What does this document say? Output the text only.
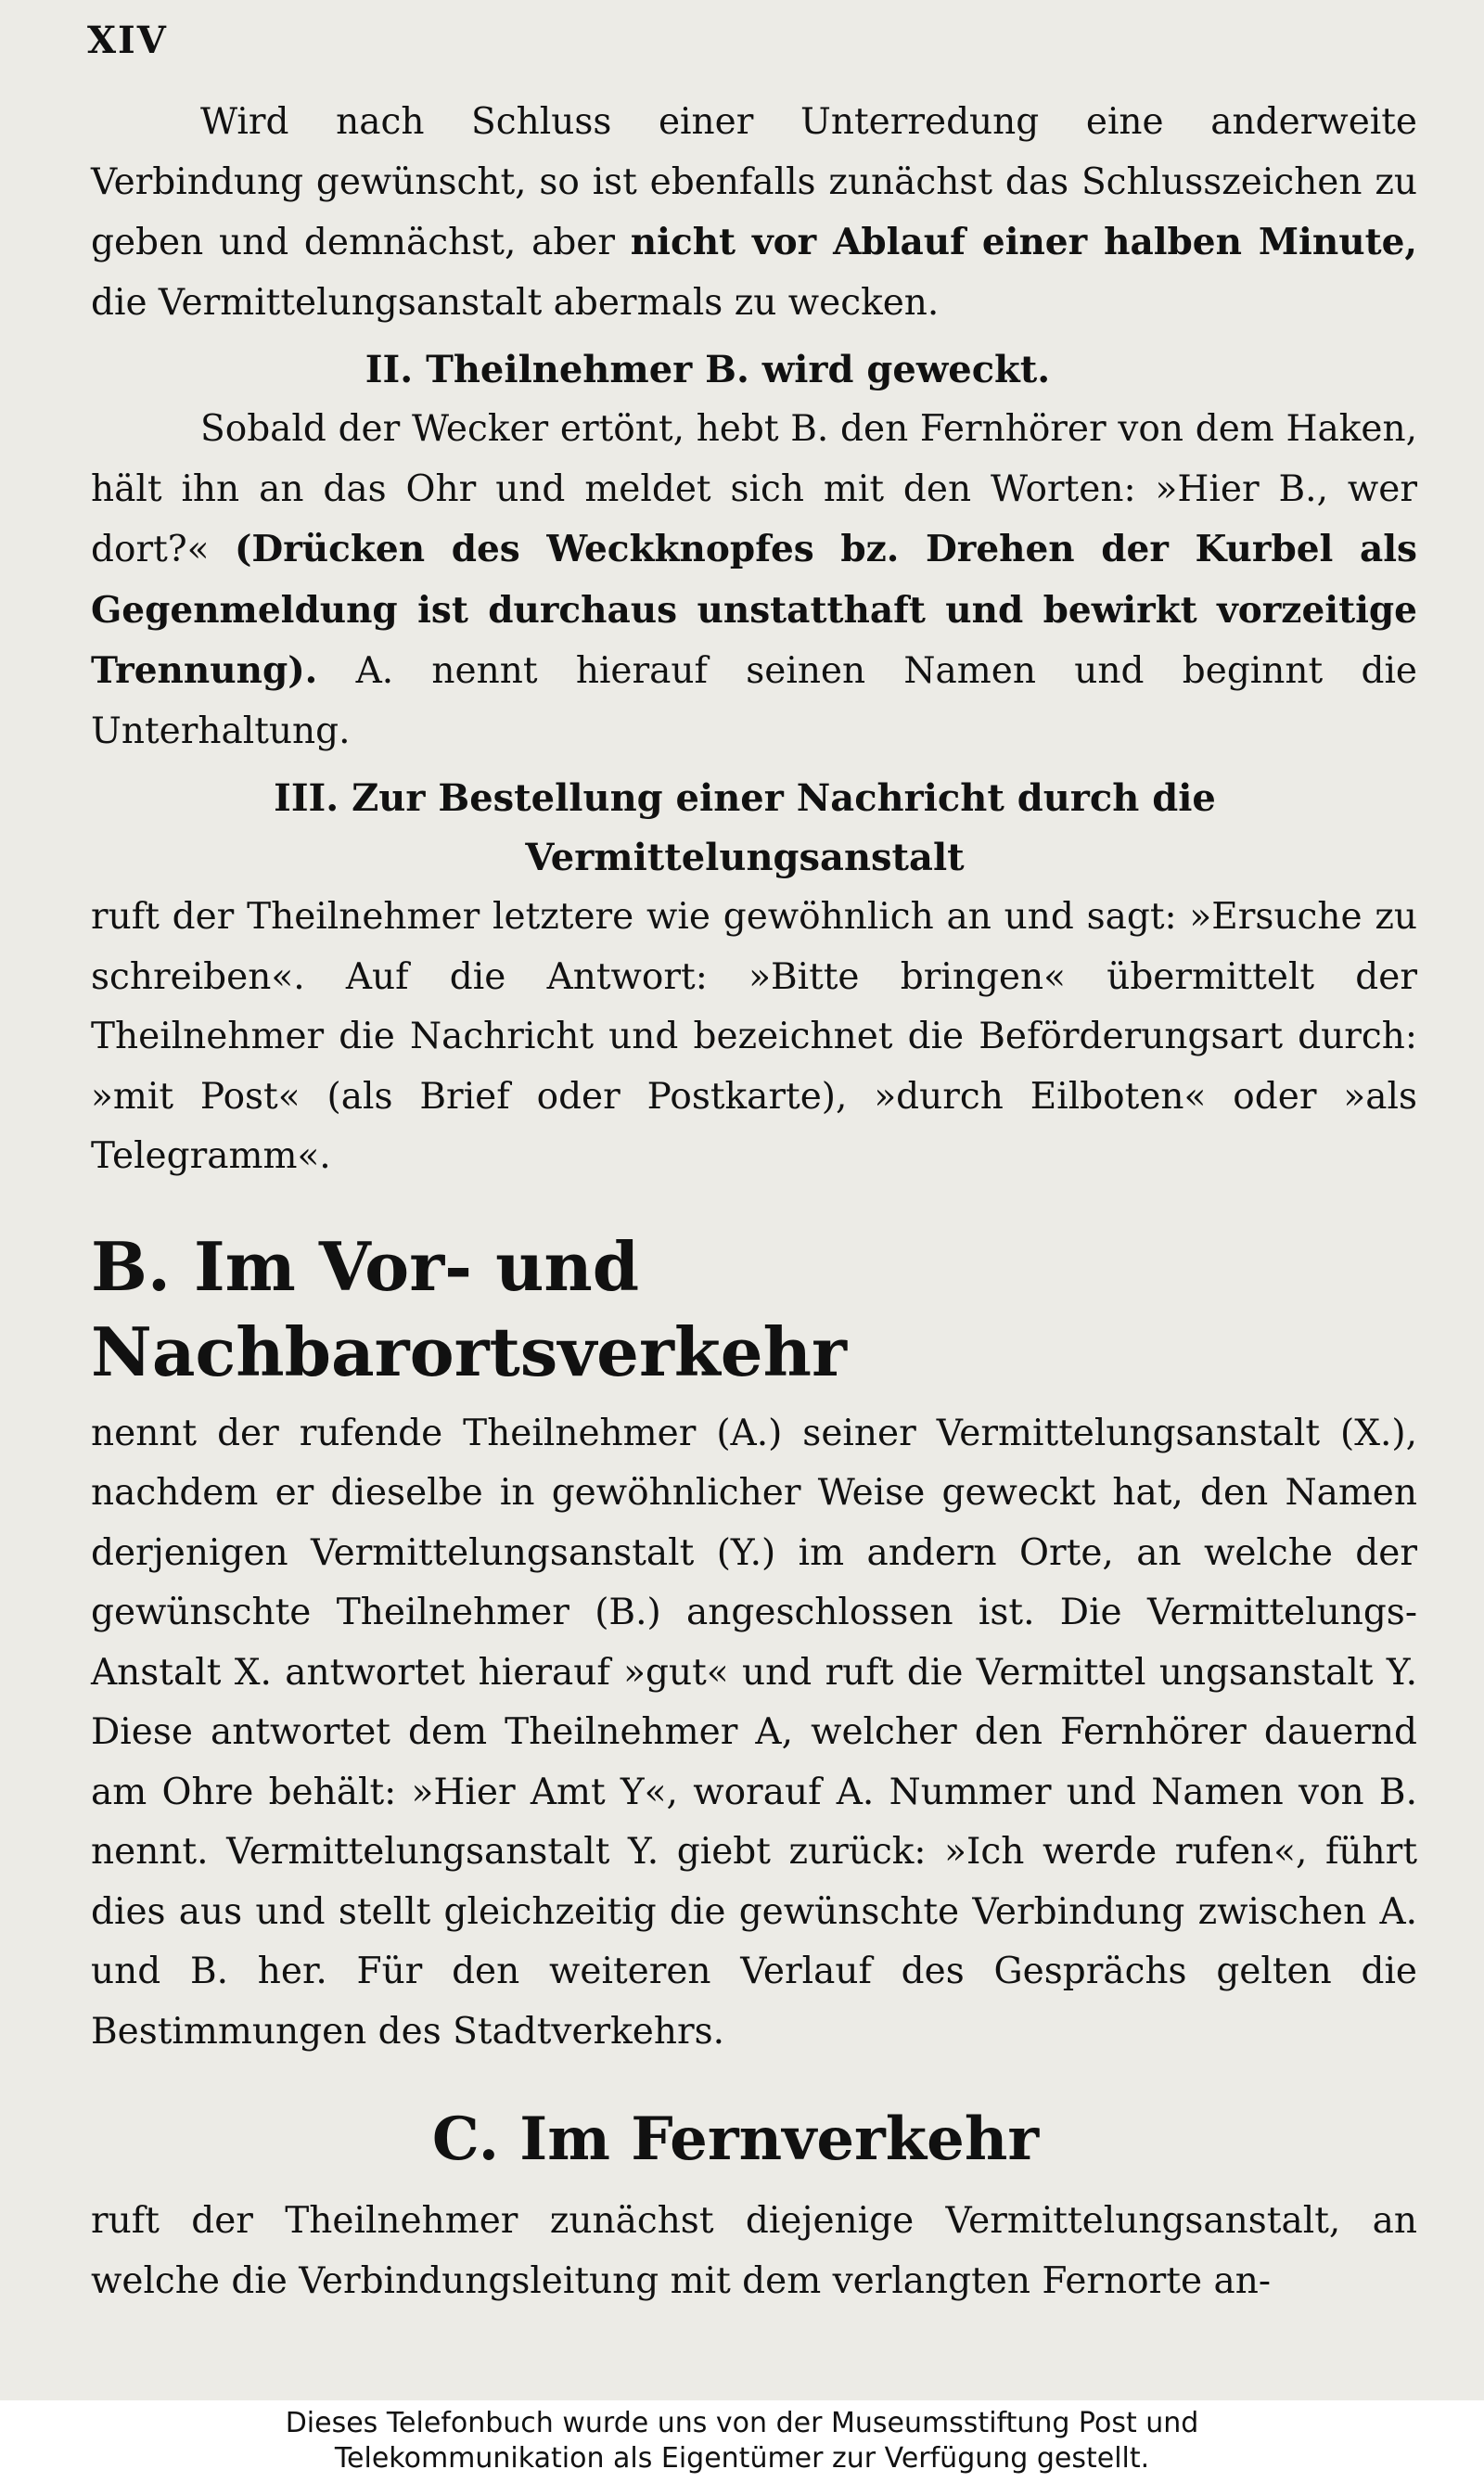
XIV

Wird nach Schluss einer Unterredung eine anderweite Verbindung gewünscht, so ist ebenfalls zunächst das Schlusszeichen zu geben und demnächst, aber nicht vor Ablauf einer halben Minute, die Vermittelungsanstalt abermals zu wecken.

II. Theilnehmer B. wird geweckt.

Sobald der Wecker ertönt, hebt B. den Fernhörer von dem Haken, hält ihn an das Ohr und meldet sich mit den Worten: »Hier B., wer dort?« (Drücken des Weckknopfes bz. Drehen der Kurbel als Gegenmeldung ist durchaus unstatthaft und bewirkt vorzeitige Trennung). A. nennt hierauf seinen Namen und beginnt die Unterhaltung.

III. Zur Bestellung einer Nachricht durch die
Vermittelungsanstalt

ruft der Theilnehmer letztere wie gewöhnlich an und sagt: »Ersuche zu schreiben«. Auf die Antwort: »Bitte bringen« übermittelt der Theilnehmer die Nachricht und bezeichnet die Beförderungsart durch: »mit Post« (als Brief oder Postkarte), »durch Eilboten« oder »als Telegramm«.

B. Im Vor- und Nachbarortsverkehr

nennt der rufende Theilnehmer (A.) seiner Vermittelungsanstalt (X.), nachdem er dieselbe in gewöhnlicher Weise geweckt hat, den Namen derjenigen Vermittelungsanstalt (Y.) im andern Orte, an welche der gewünschte Theilnehmer (B.) angeschlossen ist. Die Vermittelungs-Anstalt X. antwortet hierauf »gut« und ruft die Vermittel ungsanstalt Y. Diese antwortet dem Theilnehmer A, welcher den Fernhörer dauernd am Ohre behält: »Hier Amt Y«, worauf A. Nummer und Namen von B. nennt. Vermittelungsanstalt Y. giebt zurück: »Ich werde rufen«, führt dies aus und stellt gleichzeitig die gewünschte Verbindung zwischen A. und B. her. Für den weiteren Verlauf des Gesprächs gelten die Bestimmungen des Stadtverkehrs.

C. Im Fernverkehr

ruft der Theilnehmer zunächst diejenige Vermittelungsanstalt, an welche die Verbindungsleitung mit dem verlangten Fernorte an-

Dieses Telefonbuch wurde uns von der Museumsstiftung Post und
Telekommunikation als Eigentümer zur Verfügung gestellt.
